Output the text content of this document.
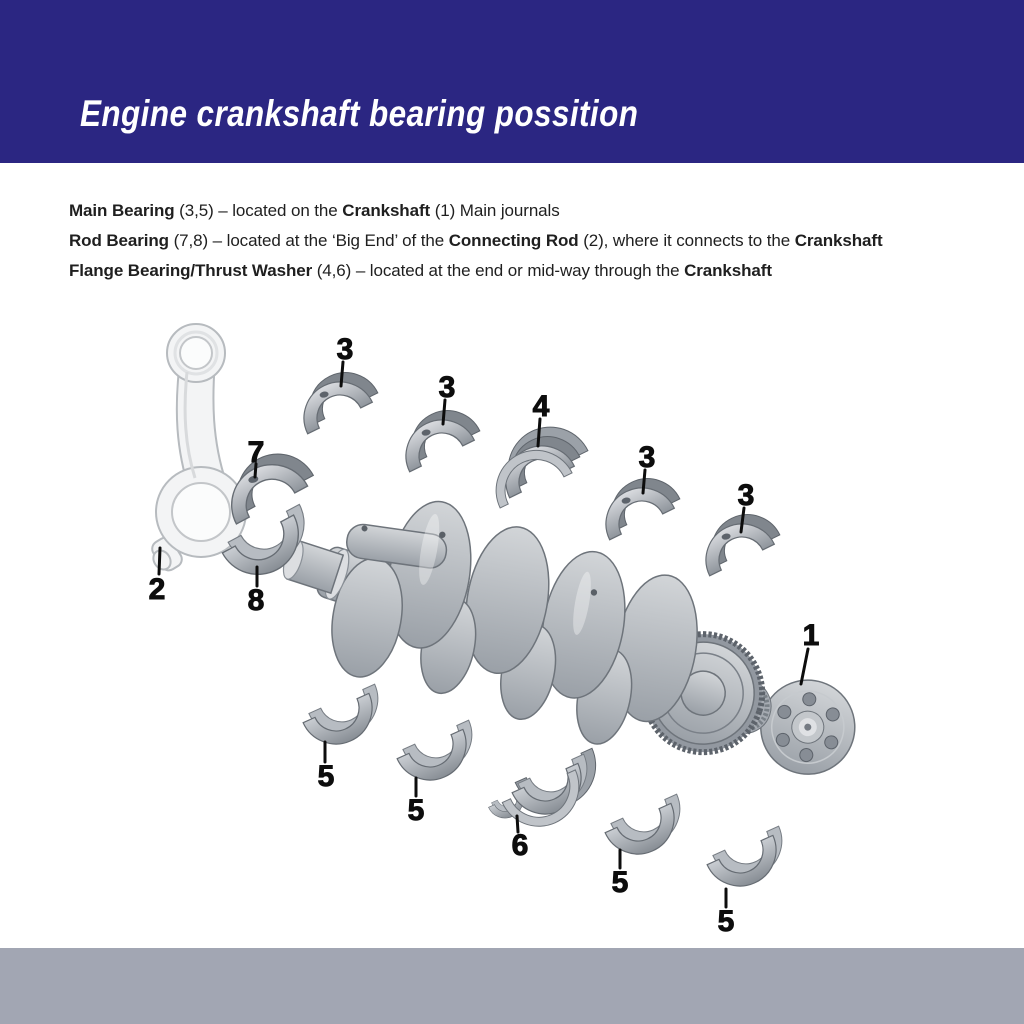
Engine crankshaft bearing possition

Main Bearing (3,5) – located on the Crankshaft (1) Main journals

Rod Bearing (7,8) – located at the ‘Big End’ of the Connecting Rod (2), where it connects to the Crankshaft

Flange Bearing/Thrust Washer (4,6) – located at the end or mid-way through the Crankshaft

1
2
3
3
3
3
4
5
5
5
5
6
7
8
